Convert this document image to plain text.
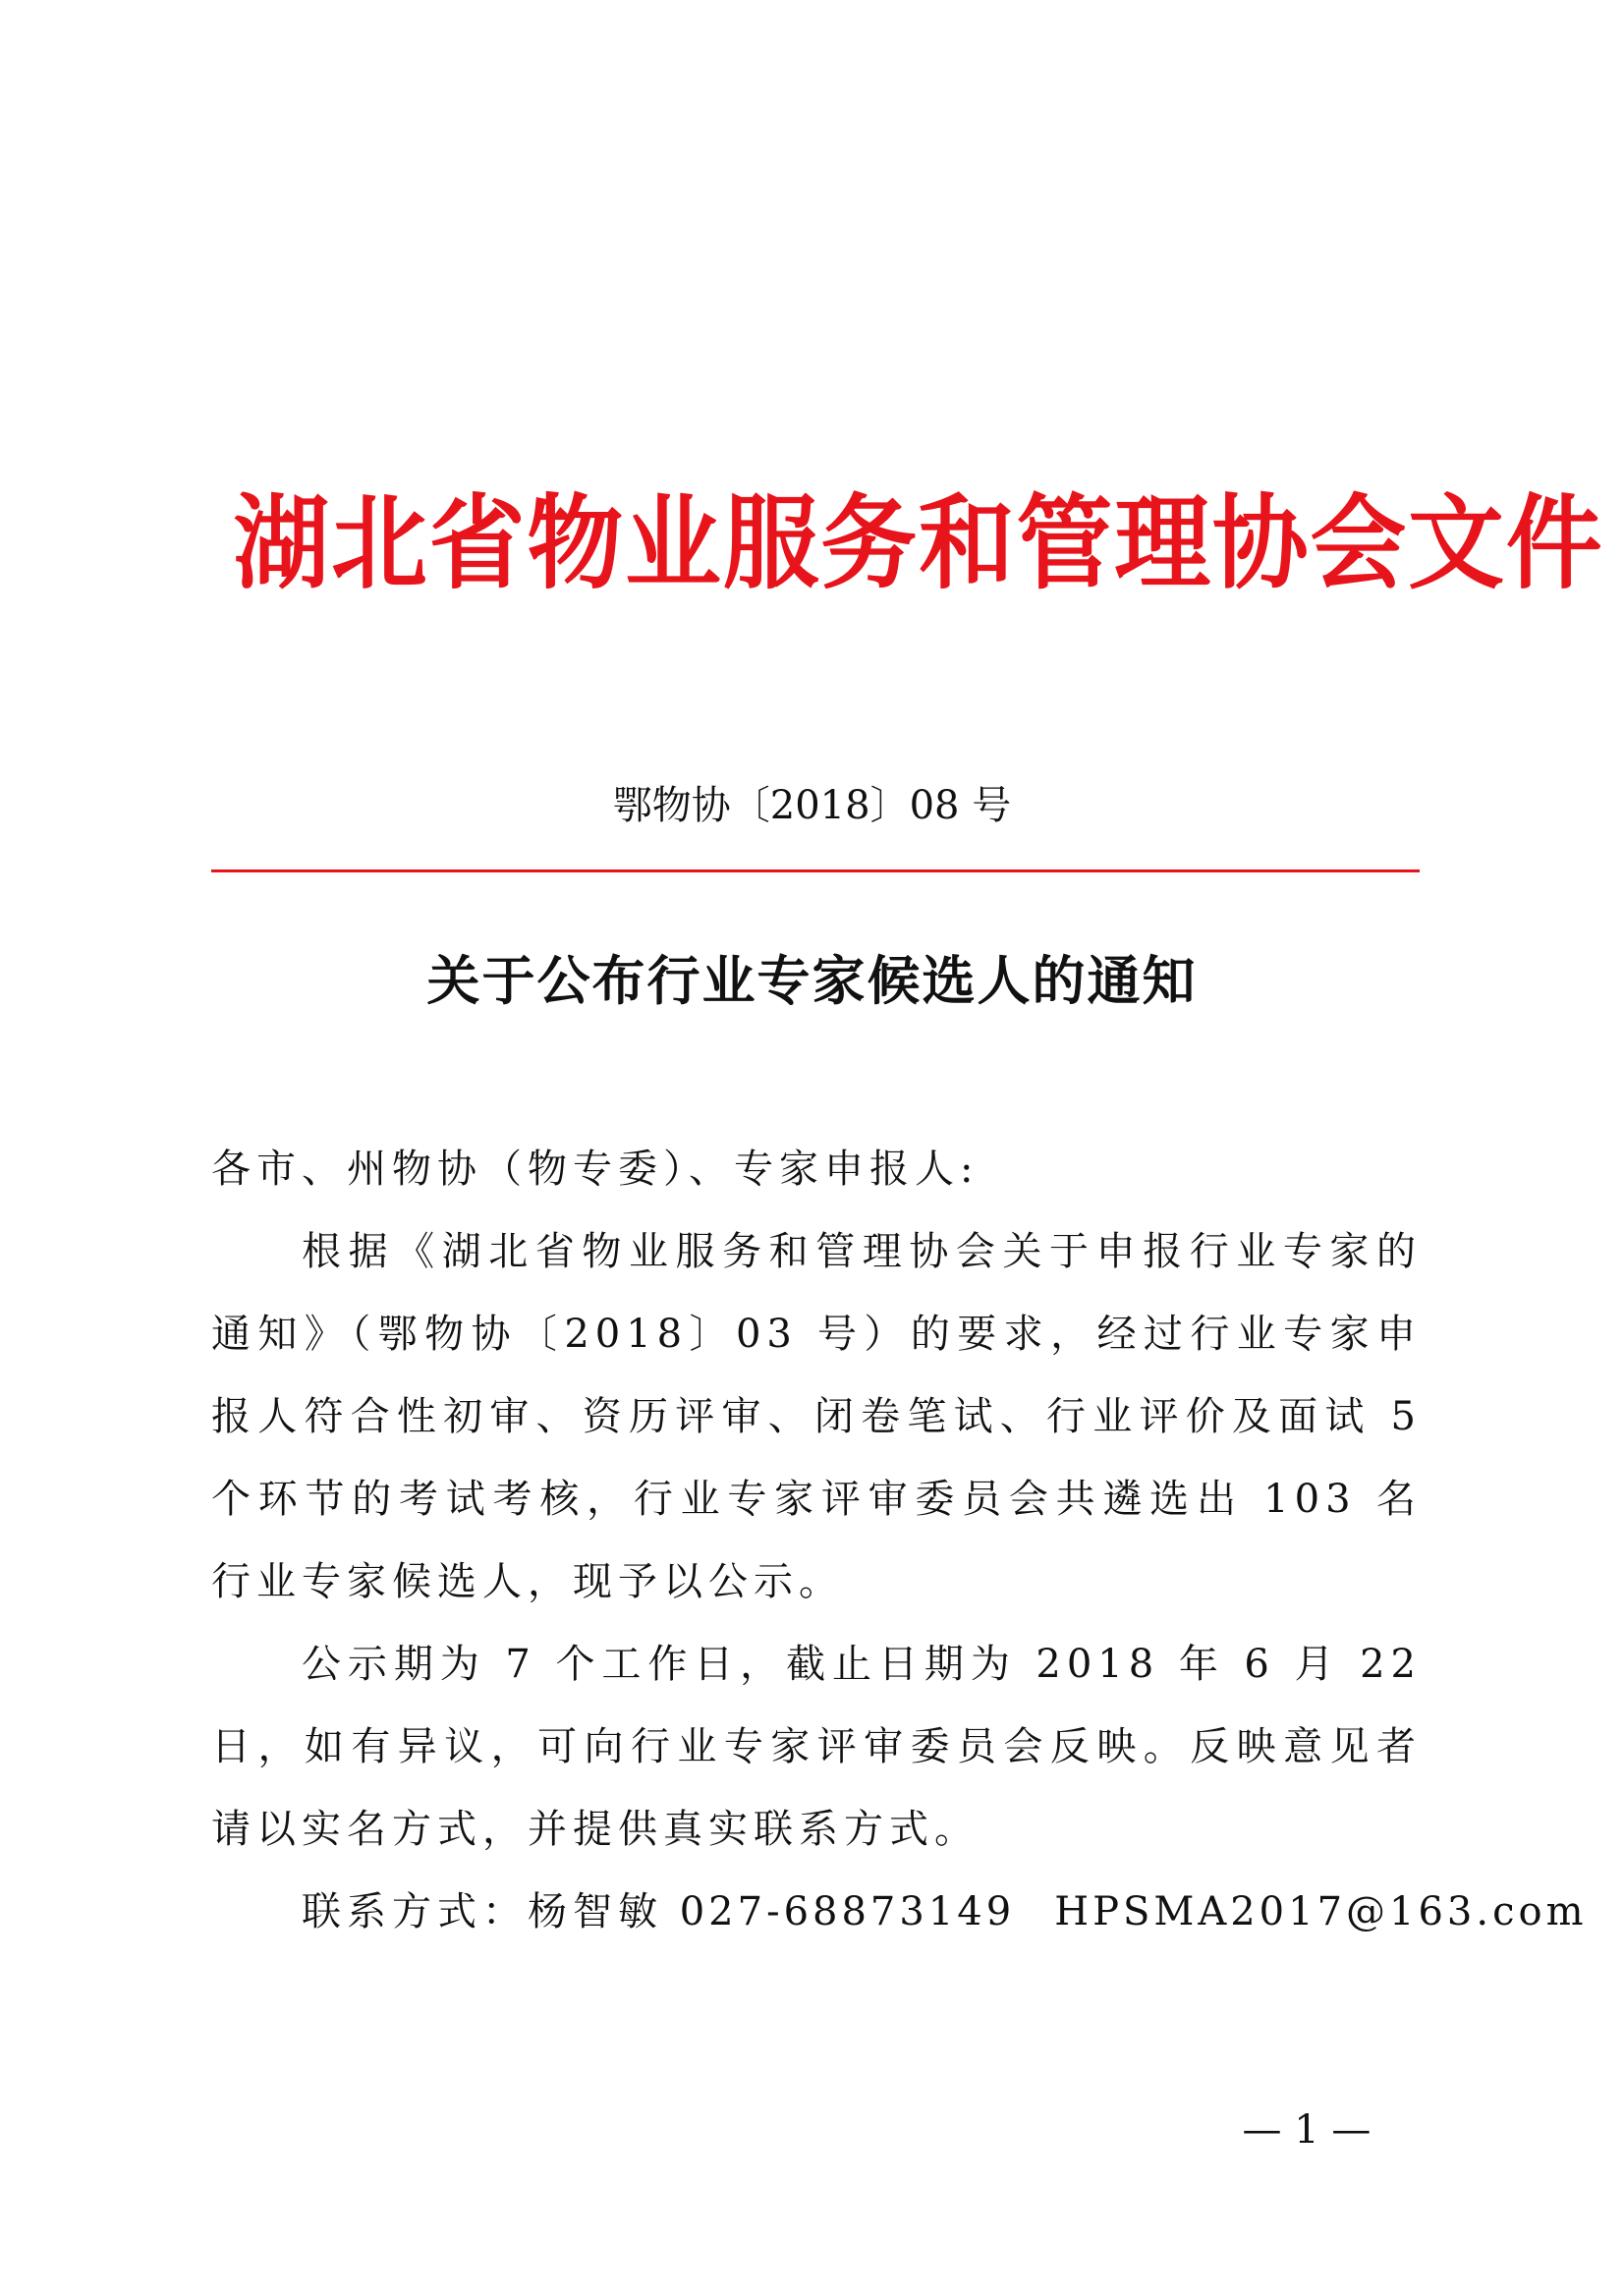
湖北省物业服务和管理协会文件
鄂物协〔2018〕08 号
关于公布行业专家候选人的通知

各市、州物协（物专委）、专家申报人:

根据《湖北省物业服务和管理协会关于申报行业专家的通知》（鄂物协〔2018〕03 号）的要求，经过行业专家申报人符合性初审、资历评审、闭卷笔试、行业评价及面试 5 个环节的考试考核，行业专家评审委员会共遴选出 103 名行业专家候选人，现予以公示。

公示期为 7 个工作日，截止日期为 2018 年 6 月 22 日，如有异议，可向行业专家评审委员会反映。反映意见者请以实名方式，并提供真实联系方式。

联系方式：杨智敏 027-68873149 HPSMA2017@163.com

— 1 —
